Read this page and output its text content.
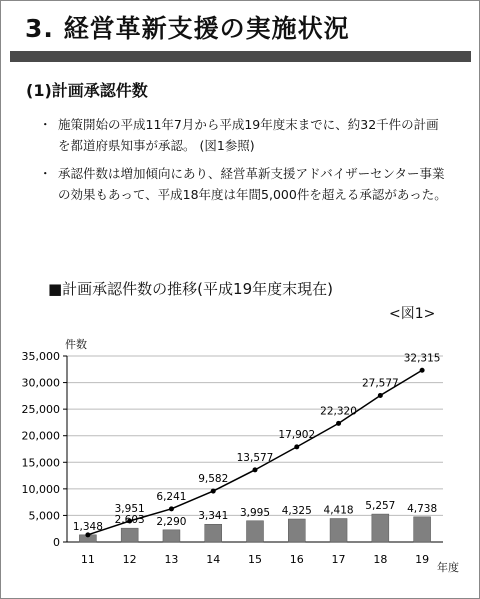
3. 経営革新支援の実施状況
(1)計画承認件数
・ 施策開始の平成11年7月から平成19年度末までに、約32千件の計画を都道府県知事が承認。 (図1参照)
・ 承認件数は増加傾向にあり、経営革新支援アドバイザーセンター事業の効果もあって、平成18年度は年間5,000件を超える承認があった。
■計画承認件数の推移(平成19年度末現在)
<図1>
件数
年度
0
5,000
10,000
15,000
20,000
25,000
30,000
35,000
11	12	13	14	15	16	17	18	19
1,348
2,603 2,290 3,341 3,995 4,325 4,418 5,257 4,738
3,951
6,241
9,582
13,577
17,902
22,320
27,577
32,315
